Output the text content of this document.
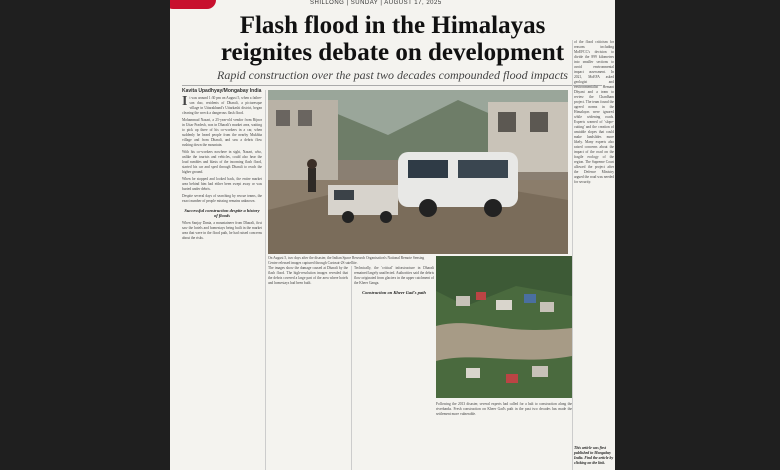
SHILLONG | SUNDAY | AUGUST 17, 2025
Flash flood in the Himalayas
reignites debate on development
Rapid construction over the past two decades compounded flood impacts
Kavita Upadhyay/Mongabay India

It was around 1:30 pm on August 5, when a father-son duo, residents of Dharali, a picturesque village in Uttarakhand's Uttarkashi district, began clearing the wreck a dangerous flash flood.

Mohammad Nazari, a 25-year-old vendor from Bijnor in Uttar Pradesh, was in Dharali's market area, waiting to pick up three of his co-workers in a car, when suddenly he heard people from the nearby Mukhba village and from Dharali, and saw a debris flow rushing down the mountain.

With his co-workers nowhere in sight, Nazari, who, unlike the tourists and vehicles, could also hear the loud rumbles and blasts of the incoming flash flood, started his car and sped through Dharali to reach the higher ground.

When he stopped and looked back, the entire market area behind him had either been swept away or was buried under debris.

Despite several days of searching by rescue teams, the exact number of people missing remains unknown.

Successful construction despite a history of floods

When Sanjay Dania, a mountaineer from Dharali, first saw the hotels and homestays being built in the market area that were in the flood path, he had raised concerns about the risks.

On August 5, two days after the disaster, the Indian Space Research Organisation's National Remote Sensing Centre released images captured through Cartosat-2S satellite.

The images show the damage caused at Dharali by the flash flood. The high-resolution images revealed that the debris covered a large part of the area where hotels and homestays had been built.

Technically, the 'critical' infrastructure in Dharali remained largely unaffected. Authorities said the debris flow originated from glaciers in the upper catchment of the Kheer Ganga.

Construction on Kheer Gad's path

Following the 2013 disaster, several experts had called for a halt to construction along the riverbanks. Fresh construction on Kheer Gad's path in the past two decades has made the settlement more vulnerable.

of the flood criticism for reasons including MoEFCC's decision to divide the 899 kilometres into smaller sections to avoid environmental impact assessment. In 2021, MoEFA asked geologist and environmentalist Hemant Dhyani and a team to review the Chardham project. The team found the agreed norms in the Himalayas were ignored while widening roads. Experts warned of 'slope-cutting' and the creation of unstable slopes that could make landslides more likely. Many experts also raised concerns about the impact of the road on the fragile ecology of the region. The Supreme Court allowed the project after the Defence Ministry argued the road was needed for security.

This article was first published in Mongabay India. Find the article by clicking on the link.
